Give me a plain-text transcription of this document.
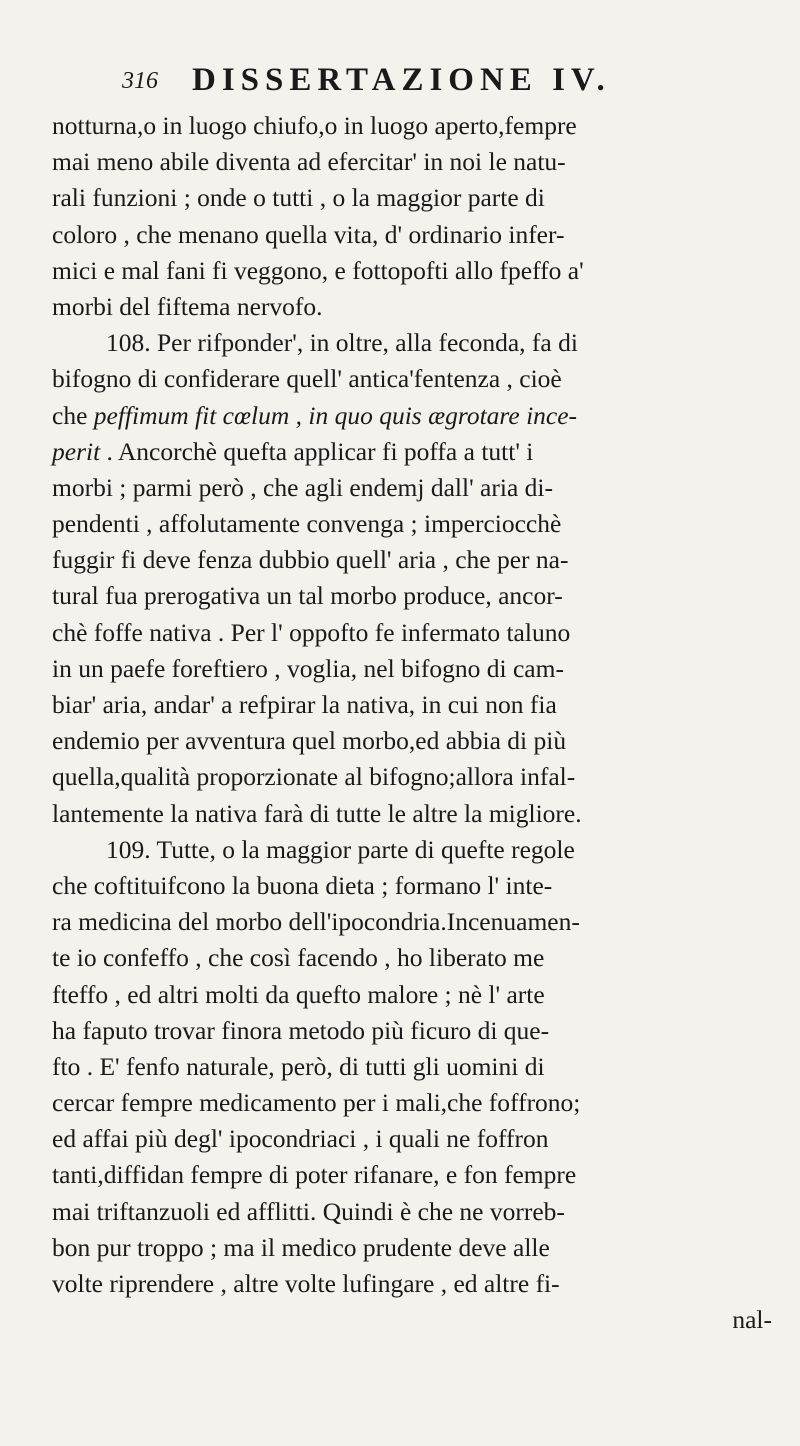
316 DISSERTAZIONE IV.
notturna,o in luogo chiufo,o in luogo aperto,fempre
mai meno abile diventa ad efercitar' in noi le natu-
rali funzioni ; onde o tutti , o la maggior parte di
coloro , che menano quella vita, d' ordinario infer-
mici e mal fani fi veggono, e fottopofti allo fpeffo a'
morbi del fiftema nervofo.
108. Per rifponder', in oltre, alla feconda, fa di
bifogno di confiderare quell' antica'fentenza , cioè
che peffimum fit cœlum , in quo quis ægrotare ince-
perit . Ancorchè quefta applicar fi poffa a tutt' i
morbi ; parmi però , che agli endemj dall' aria di-
pendenti , affolutamente convenga ; imperciocchè
fuggir fi deve fenza dubbio quell' aria , che per na-
tural fua prerogativa un tal morbo produce, ancor-
chè foffe nativa . Per l' oppofto fe infermato taluno
in un paefe foreftiero , voglia, nel bifogno di cam-
biar' aria, andar' a refpirar la nativa, in cui non fia
endemio per avventura quel morbo,ed abbia di più
quella,qualità proporzionate al bifogno;allora infal-
lantemente la nativa farà di tutte le altre la migliore.
109. Tutte, o la maggior parte di quefte regole
che coftituifcono la buona dieta ; formano l' inte-
ra medicina del morbo dell'ipocondria.Incenuamen-
te io confeffo , che così facendo , ho liberato me
fteffo , ed altri molti da quefto malore ; nè l' arte
ha faputo trovar finora metodo più ficuro di que-
fto . E' fenfo naturale, però, di tutti gli uomini di
cercar fempre medicamento per i mali,che foffrono;
ed affai più degl' ipocondriaci , i quali ne foffron
tanti,diffidan fempre di poter rifanare, e fon fempre
mai triftanzuoli ed afflitti. Quindi è che ne vorreb-
bon pur troppo ; ma il medico prudente deve alle
volte riprendere , altre volte lufingare , ed altre fi-
nal-
